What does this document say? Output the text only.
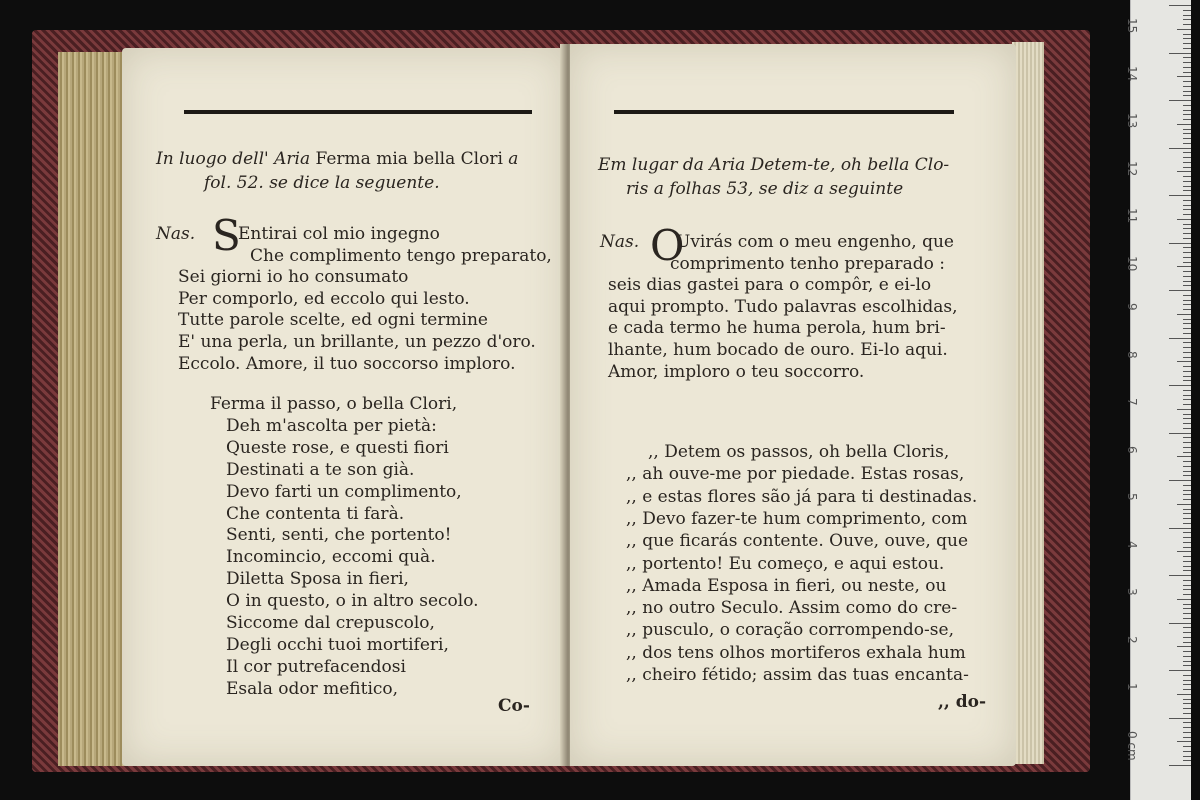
In luogo dell' Aria Ferma mia bella Clori a
fol. 52. se dice la seguente.
Nas. S
Entirai col mio ingegno
Che complimento tengo preparato,
Sei giorni io ho consumato
Per comporlo, ed eccolo qui lesto.
Tutte parole scelte, ed ogni termine
E' una perla, un brillante, un pezzo d'oro.
Eccolo. Amore, il tuo soccorso imploro.
Ferma il passo, o bella Clori,
Deh m'ascolta per pietà:
Queste rose, e questi fiori
Destinati a te son già.
Devo farti un complimento,
Che contenta ti farà.
Senti, senti, che portento!
Incomincio, eccomi quà.
Diletta Sposa in fieri,
O in questo, o in altro secolo.
Siccome dal crepuscolo,
Degli occhi tuoi mortiferi,
Il cor putrefacendosi
Esala odor mefitico,
Co-
Em lugar da Aria Detem-te, oh bella Clo-
ris a folhas 53, se diz a seguinte
Nas. O
Uvirás com o meu engenho, que
comprimento tenho preparado :
seis dias gastei para o compôr, e ei-lo
aqui prompto. Tudo palavras escolhidas,
e cada termo he huma perola, hum bri-
lhante, hum bocado de ouro. Ei-lo aqui.
Amor, imploro o teu soccorro.
,, Detem os passos, oh bella Cloris,
,, ah ouve-me por piedade. Estas rosas,
,, e estas flores são já para ti destinadas.
,, Devo fazer-te hum comprimento, com
,, que ficarás contente. Ouve, ouve, que
,, portento! Eu começo, e aqui estou.
,, Amada Esposa in fieri, ou neste, ou
,, no outro Seculo. Assim como do cre-
,, pusculo, o coração corrompendo-se,
,, dos tens olhos mortiferos exhala hum
,, cheiro fétido; assim das tuas encanta-
,, do-
15
14
13
12
11
10
9
8
7
6
5
4
3
2
1
0 cm
